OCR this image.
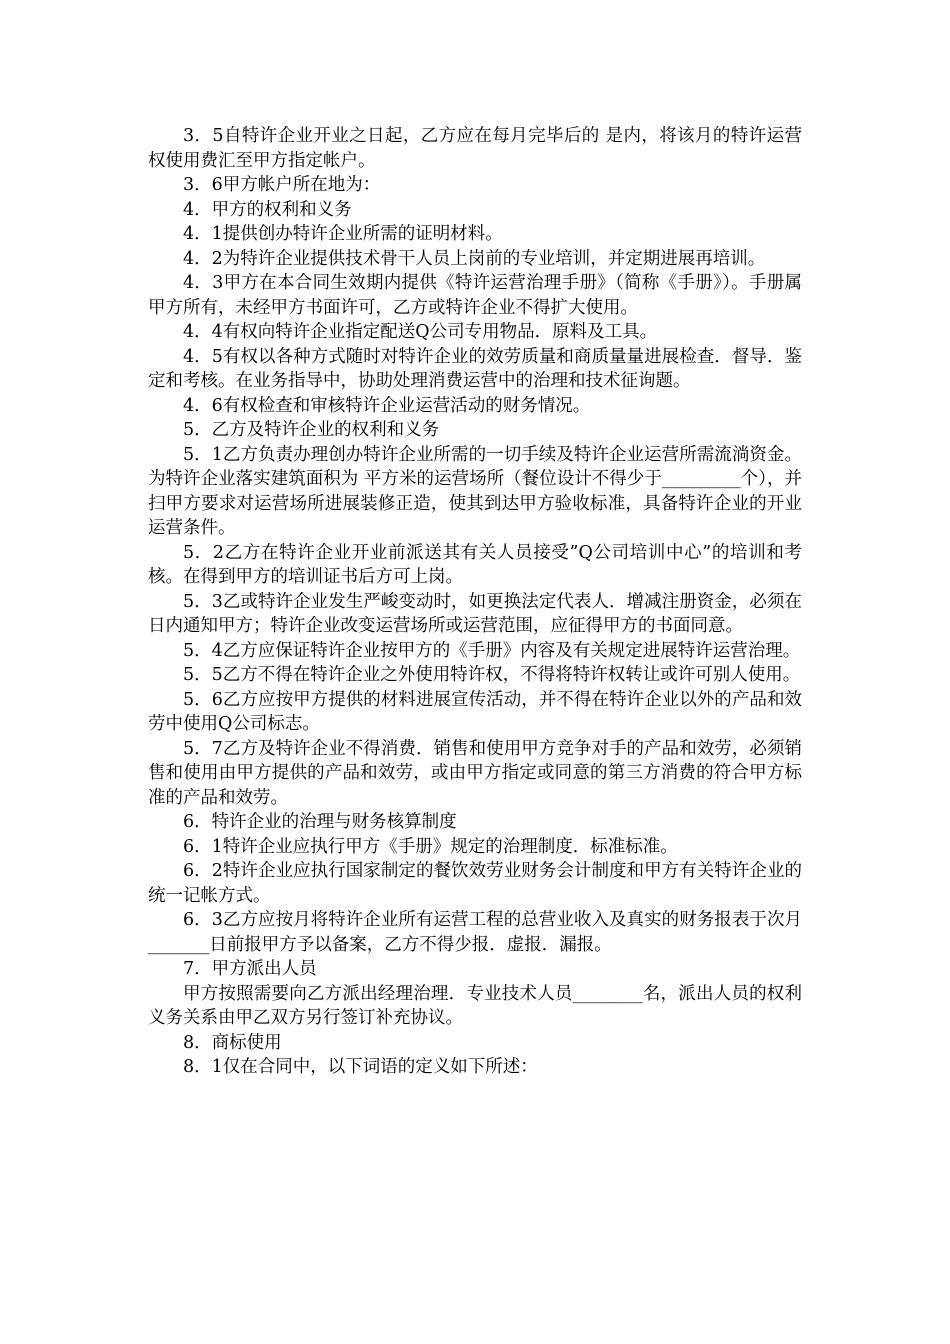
3．5自特许企业开业之日起，乙方应在每月完毕后的 是内，将该月的特许运营权使用费汇至甲方指定帐户。

3．6甲方帐户所在地为：

4．甲方的权利和义务

4．1提供创办特许企业所需的证明材料。

4．2为特许企业提供技术骨干人员上岗前的专业培训，并定期进展再培训。

4．3甲方在本合同生效期内提供《特许运营治理手册》（简称《手册》）。手册属甲方所有，未经甲方书面许可，乙方或特许企业不得扩大使用。

4．4有权向特许企业指定配送Q公司专用物品．原料及工具。

4．5有权以各种方式随时对特许企业的效劳质量和商质量量进展检查．督导．鉴定和考核。在业务指导中，协助处理消费运营中的治理和技术征询题。

4．6有权检查和审核特许企业运营活动的财务情况。

5．乙方及特许企业的权利和义务

5．1乙方负责办理创办特许企业所需的一切手续及特许企业运营所需流淌资金。为特许企业落实建筑面积为 平方米的运营场所（餐位设计不得少于_________个），并扫甲方要求对运营场所进展装修正造，使其到达甲方验收标准，具备特许企业的开业运营条件。

5．2乙方在特许企业开业前派送其有关人员接受”Q公司培训中心”的培训和考核。在得到甲方的培训证书后方可上岗。

5．3乙或特许企业发生严峻变动时，如更换法定代表人．增减注册资金，必须在 日内通知甲方；特许企业改变运营场所或运营范围，应征得甲方的书面同意。

5．4乙方应保证特许企业按甲方的《手册》内容及有关规定进展特许运营治理。

5．5乙方不得在特许企业之外使用特许权，不得将特许权转让或许可别人使用。

5．6乙方应按甲方提供的材料进展宣传活动，并不得在特许企业以外的产品和效劳中使用Q公司标志。

5．7乙方及特许企业不得消费．销售和使用甲方竞争对手的产品和效劳，必须销售和使用由甲方提供的产品和效劳，或由甲方指定或同意的第三方消费的符合甲方标准的产品和效劳。

6．特许企业的治理与财务核算制度

6．1特许企业应执行甲方《手册》规定的治理制度．标准标准。

6．2特许企业应执行国家制定的餐饮效劳业财务会计制度和甲方有关特许企业的统一记帐方式。

6．3乙方应按月将特许企业所有运营工程的总营业收入及真实的财务报表于次月_______日前报甲方予以备案，乙方不得少报．虚报．漏报。

7．甲方派出人员

甲方按照需要向乙方派出经理治理．专业技术人员________名，派出人员的权利义务关系由甲乙双方另行签订补充协议。

8．商标使用

8．1仅在合同中，以下词语的定义如下所述：
